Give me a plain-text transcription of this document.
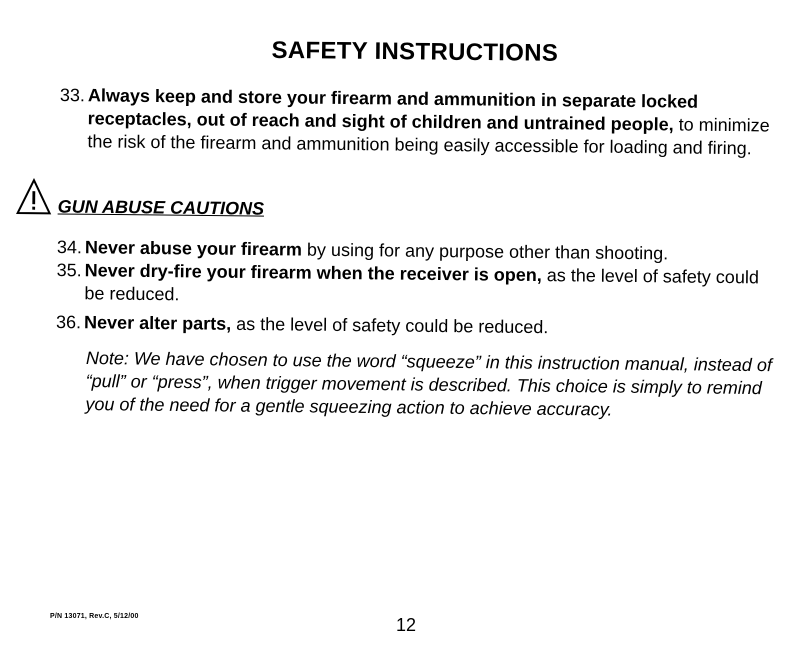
SAFETY INSTRUCTIONS

33. Always keep and store your firearm and ammunition in separate locked receptacles, out of reach and sight of children and untrained people, to minimize the risk of the firearm and ammunition being easily accessible for loading and firing.

GUN ABUSE CAUTIONS

34. Never abuse your firearm by using for any purpose other than shooting.

35. Never dry-fire your firearm when the receiver is open, as the level of safety could be reduced.

36. Never alter parts, as the level of safety could be reduced.

Note: We have chosen to use the word “squeeze” in this instruction manual, instead of “pull” or “press”, when trigger movement is described. This choice is simply to remind you of the need for a gentle squeezing action to achieve accuracy.
P/N 13071, Rev.C, 5/12/00	12
